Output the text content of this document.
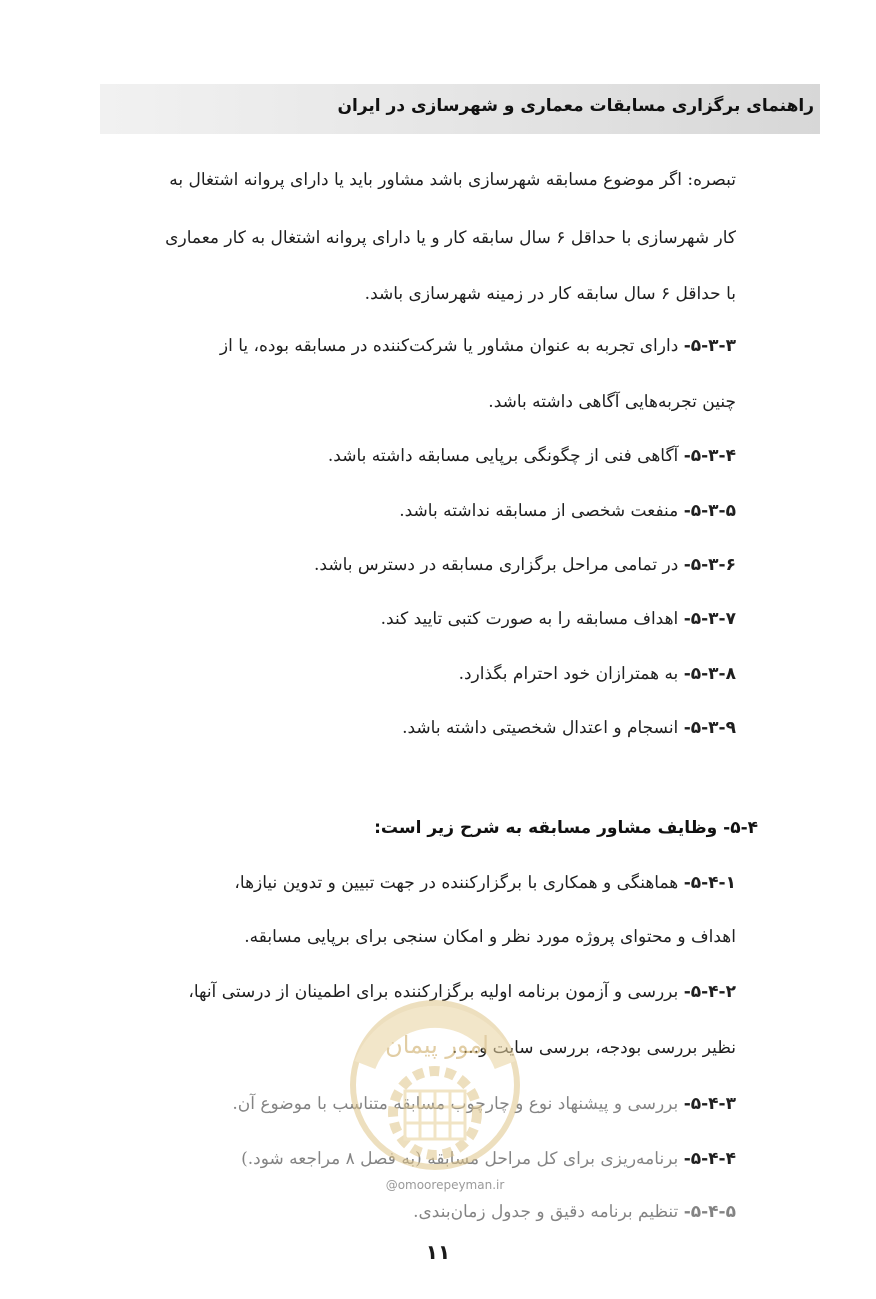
راهنمای برگزاری مسابقات معماری و شهرسازی در ایران
تبصره: اگر موضوع مسابقه شهرسازی باشد مشاور باید یا دارای پروانه اشتغال به
کار شهرسازی با حداقل ۶ سال سابقه کار و یا دارای پروانه اشتغال به کار معماری
با حداقل ۶ سال سابقه کار در زمینه شهرسازی باشد.
۵-۳-۳- دارای تجربه به عنوان مشاور یا شرکت‌کننده در مسابقه بوده، یا از
چنین تجربه‌هایی آگاهی داشته باشد.
۵-۳-۴- آگاهی فنی از چگونگی برپایی مسابقه داشته باشد.
۵-۳-۵- منفعت شخصی از مسابقه نداشته باشد.
۵-۳-۶- در تمامی مراحل برگزاری مسابقه در دسترس باشد.
۵-۳-۷- اهداف مسابقه را به صورت کتبی تایید کند.
۵-۳-۸- به همترازان خود احترام بگذارد.
۵-۳-۹- انسجام و اعتدال شخصیتی داشته باشد.
۵-۴- وظایف مشاور مسابقه به شرح زیر است:
۵-۴-۱- هماهنگی و همکاری با برگزارکننده در جهت تبیین و تدوین نیازها،
اهداف و محتوای پروژه مورد نظر و امکان سنجی برای برپایی مسابقه.
۵-۴-۲- بررسی و آزمون برنامه اولیه برگزارکننده برای اطمینان از درستی آنها،
نظیر بررسی بودجه، بررسی سایت و... .
۵-۴-۳- بررسی و پیشنهاد نوع و چارچوب مسابقه متناسب با موضوع آن.
۵-۴-۴- برنامه‌ریزی برای کل مراحل مسابقه (به فصل ۸ مراجعه شود.)
۵-۴-۵- تنظیم برنامه دقیق و جدول زمان‌بندی.
امور پیمان
@omoorepeyman.ir
۱۱
